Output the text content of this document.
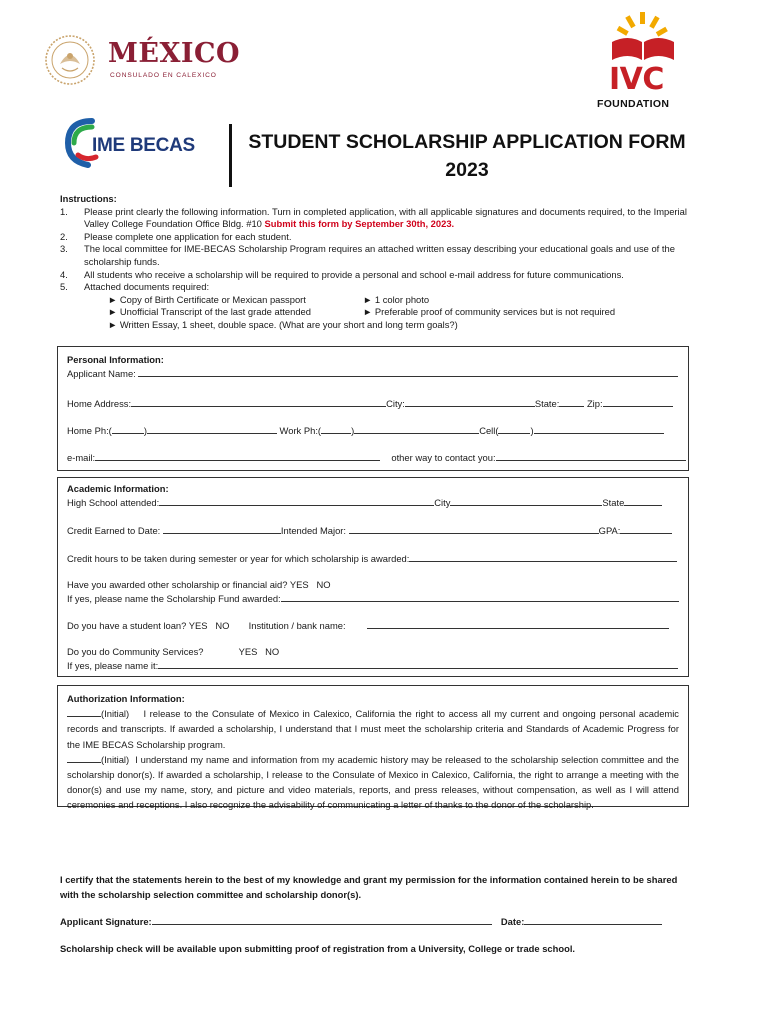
MÉXICO
CONSULADO EN CALEXICO	IVC
FOUNDATION
IME BECAS	STUDENT SCHOLARSHIP APPLICATION FORM
2023
Instructions:
1.	Please print clearly the following information. Turn in completed application, with all applicable signatures and documents required, to the Imperial Valley College Foundation Office Bldg. #10 Submit this form by September 30th, 2023.
2.	Please complete one application for each student.
3.	The local committee for IME-BECAS Scholarship Program requires an attached written essay describing your educational goals and use of the scholarship funds.
4.	All students who receive a scholarship will be required to provide a personal and school e-mail address for future communications.
5.	Attached documents required:
► Copy of Birth Certificate or Mexican passport	► 1 color photo
► Unofficial Transcript of the last grade attended	► Preferable proof of community services but is not required
► Written Essay, 1 sheet, double space. (What are your short and long term goals?)
Personal Information:
Applicant Name:
Home Address:	City:	State:	Zip:
Home Ph:(	)	Work Ph:(	)	Cell(	)
e-mail:	other way to contact you:
Academic Information:
High School attended:	City	State
Credit Earned to Date:	Intended Major:	GPA:
Credit hours to be taken during semester or year for which scholarship is awarded:
Have you awarded other scholarship or financial aid? YES   NO
If yes, please name the Scholarship Fund awarded:
Do you have a student loan? YES   NO Institution / bank name:
Do you do Community Services?	YES   NO
If yes, please name it:
Authorization Information:
(Initial) I release to the Consulate of Mexico in Calexico, California the right to access all my current and ongoing personal academic records and transcripts. If awarded a scholarship, I understand that I must meet the scholarship criteria and Standards of Academic Progress for the IME BECAS Scholarship program.
(Initial) I understand my name and information from my academic history may be released to the scholarship selection committee and the scholarship donor(s). If awarded a scholarship, I release to the Consulate of Mexico in Calexico, California, the right to arrange a meeting with the donor(s) and use my name, story, and picture and video materials, reports, and press releases, without compensation, as well as I will attend ceremonies and receptions. I also recognize the advisability of communicating a letter of thanks to the donor of the scholarship.
I certify that the statements herein to the best of my knowledge and grant my permission for the information contained herein to be shared with the scholarship selection committee and scholarship donor(s).
Applicant Signature:	Date:
Scholarship check will be available upon submitting proof of registration from a University, College or trade school.
